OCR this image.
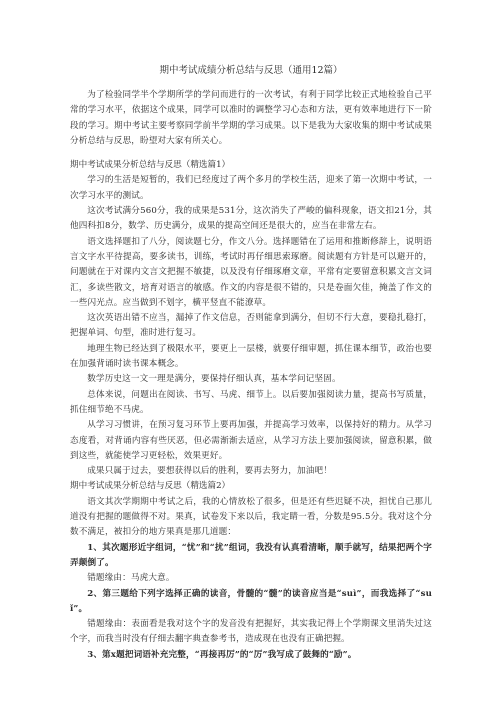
期中考试成绩分析总结与反思（通用12篇）

为了检验同学半个学期所学的学问而进行的一次考试，有利于同学比较正式地检验自己平常的学习水平，依据这个成果，同学可以准时的调整学习心态和方法，更有效率地进行下一阶段的学习。期中考试主要考察同学前半学期的学习成果。以下是我为大家收集的期中考试成果分析总结与反思，盼望对大家有所关心。

期中考试成果分析总结与反思（精选篇1）

学习的生活是短暂的，我们已经度过了两个多月的学校生活，迎来了第一次期中考试，一次学习水平的测试。

这次考试满分560分，我的成果是531分，这次消失了严峻的偏科现象，语文扣21分，其他四科扣8分，数学、历史满分，成果的提高空间还是很大的，应当在非常左右。

语文选择题扣了八分，阅读题七分，作文八分。选择题错在了运用和推断修辞上，说明语言文字水平待提高，要多读书，训练，考试时再仔细思索琢磨。阅读题有方针是可以避开的，问题就在于对课内文言文把握不敏捷，以及没有仔细琢磨文章，平常有定要留意积累文言文词汇，多读些散文，培育对语言的敏感。作文的内容是很不错的，只是卷面欠佳，掩盖了作文的一些闪光点。应当做到不划字，横平竖直不能潦草。

这次英语出错不应当，漏掉了作文信息，否则能拿到满分，但切不行大意，要稳扎稳打，把握单词、句型，准时进行复习。

地理生物已经达到了极限水平，要更上一层楼，就要仔细审题，抓住课本细节，政治也要在加强背诵时读书课本概念。

数学历史这一文一理是满分，要保持仔细认真，基本学问记坚固。

总体来说，问题出在阅读、书写、马虎、细节上。以后要加强阅读力量，提高书写质量，抓住细节绝不马虎。

从学习习惯讲，在预习复习环节上要再加强，并提高学习效率，以保持好的精力。从学习态度看，对背诵内容有些厌恶，但必需渐渐去适应，从学习方法上要加强阅读，留意积累，做到这些，就能使学习更轻松，效果更好。

成果只属于过去，要想获得以后的胜利，要再去努力，加油吧！

期中考试成果分析总结与反思（精选篇2）

语文其次学期期中考试之后，我的心情放松了很多，但是还有些迟疑不决，担忧自己那儿道没有把握的题做得不对。果真，试卷发下来以后，我定睛一看，分数是95.5分。我对这个分数不满足，被扣分的地方果真是那几道题：

1、其次题形近字组词，“忧”和“扰”组词，我没有认真看清晰，顺手就写，结果把两个字弄颠倒了。

错题缘由：马虎大意。

2、第三题给下列字选择正确的读音，骨髓的“髓”的读音应当是“suì”，而我选择了“suǐ”。

错题缘由：表面看是我对这个字的发音没有把握好，其实我记得上个学期课文里消失过这个字，而我当时没有仔细去翻字典查参考书，造成现在也没有正确把握。

3、第x题把词语补充完整，“再接再厉”的“厉”我写成了鼓舞的“励”。
